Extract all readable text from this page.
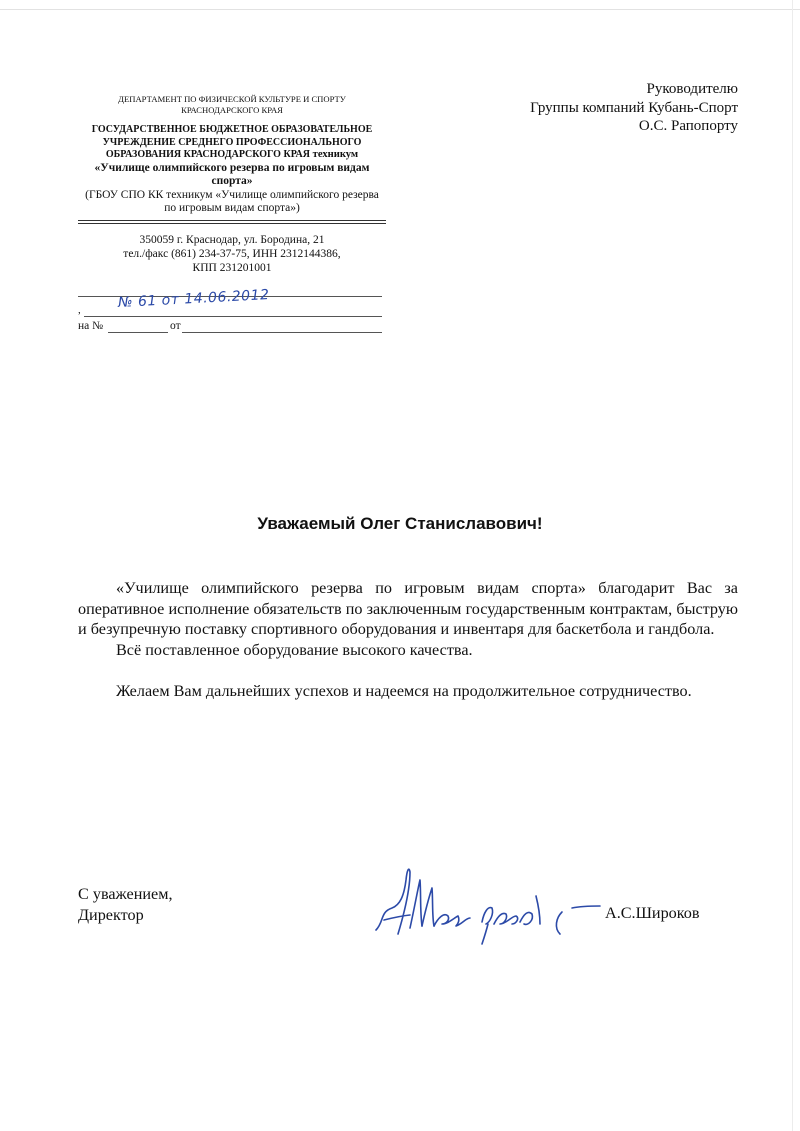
ДЕПАРТАМЕНТ ПО ФИЗИЧЕСКОЙ КУЛЬТУРЕ И СПОРТУ КРАСНОДАРСКОГО КРАЯ
ГОСУДАРСТВЕННОЕ БЮДЖЕТНОЕ ОБРАЗОВАТЕЛЬНОЕ УЧРЕЖДЕНИЕ СРЕДНЕГО ПРОФЕССИОНАЛЬНОГО ОБРАЗОВАНИЯ КРАСНОДАРСКОГО КРАЯ техникум
«Училище олимпийского резерва по игровым видам спорта»
(ГБОУ СПО КК техникум «Училище олимпийского резерва по игровым видам спорта»)
350059 г. Краснодар, ул. Бородина, 21
тел./факс (861) 234-37-75, ИНН 2312144386,
КПП 231201001
,	№ 61 от 14.06.2012
на №	от
Руководителю
Группы компаний Кубань-Спорт
О.С. Рапопорту
Уважаемый Олег Станиславович!

«Училище олимпийского резерва по игровым видам спорта» благодарит Вас за оперативное исполнение обязательств по заключенным государственным контрактам, быструю и безупречную поставку спортивного оборудования и инвентаря для баскетбола и гандбола.

Всё поставленное оборудование высокого качества.

Желаем Вам дальнейших успехов и надеемся на продолжительное сотрудничество.

С уважением,
Директор	А.С.Широков
